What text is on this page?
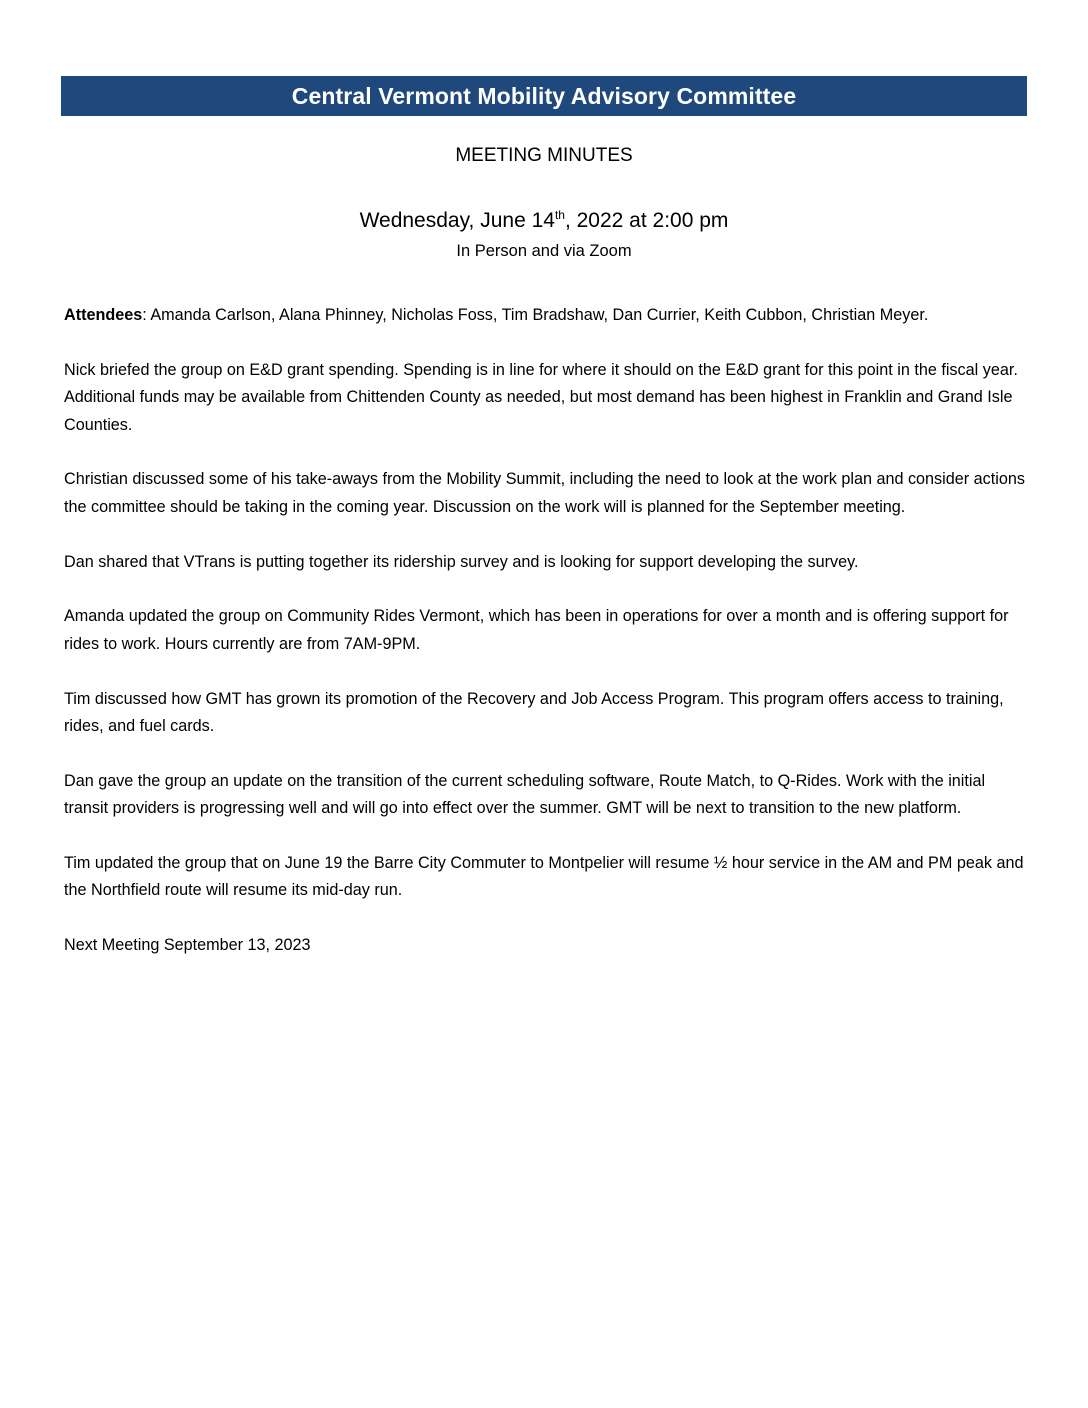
Central Vermont Mobility Advisory Committee
MEETING MINUTES
Wednesday, June 14th, 2022 at 2:00 pm
In Person and via Zoom

Attendees: Amanda Carlson, Alana Phinney, Nicholas Foss, Tim Bradshaw, Dan Currier, Keith Cubbon, Christian Meyer.

Nick briefed the group on E&D grant spending. Spending is in line for where it should on the E&D grant for this point in the fiscal year. Additional funds may be available from Chittenden County as needed, but most demand has been highest in Franklin and Grand Isle Counties.

Christian discussed some of his take-aways from the Mobility Summit, including the need to look at the work plan and consider actions the committee should be taking in the coming year. Discussion on the work will is planned for the September meeting.

Dan shared that VTrans is putting together its ridership survey and is looking for support developing the survey.

Amanda updated the group on Community Rides Vermont, which has been in operations for over a month and is offering support for rides to work. Hours currently are from 7AM-9PM.

Tim discussed how GMT has grown its promotion of the Recovery and Job Access Program. This program offers access to training, rides, and fuel cards.

Dan gave the group an update on the transition of the current scheduling software, Route Match, to Q-Rides. Work with the initial transit providers is progressing well and will go into effect over the summer. GMT will be next to transition to the new platform.

Tim updated the group that on June 19 the Barre City Commuter to Montpelier will resume ½ hour service in the AM and PM peak and the Northfield route will resume its mid-day run.

Next Meeting September 13, 2023
